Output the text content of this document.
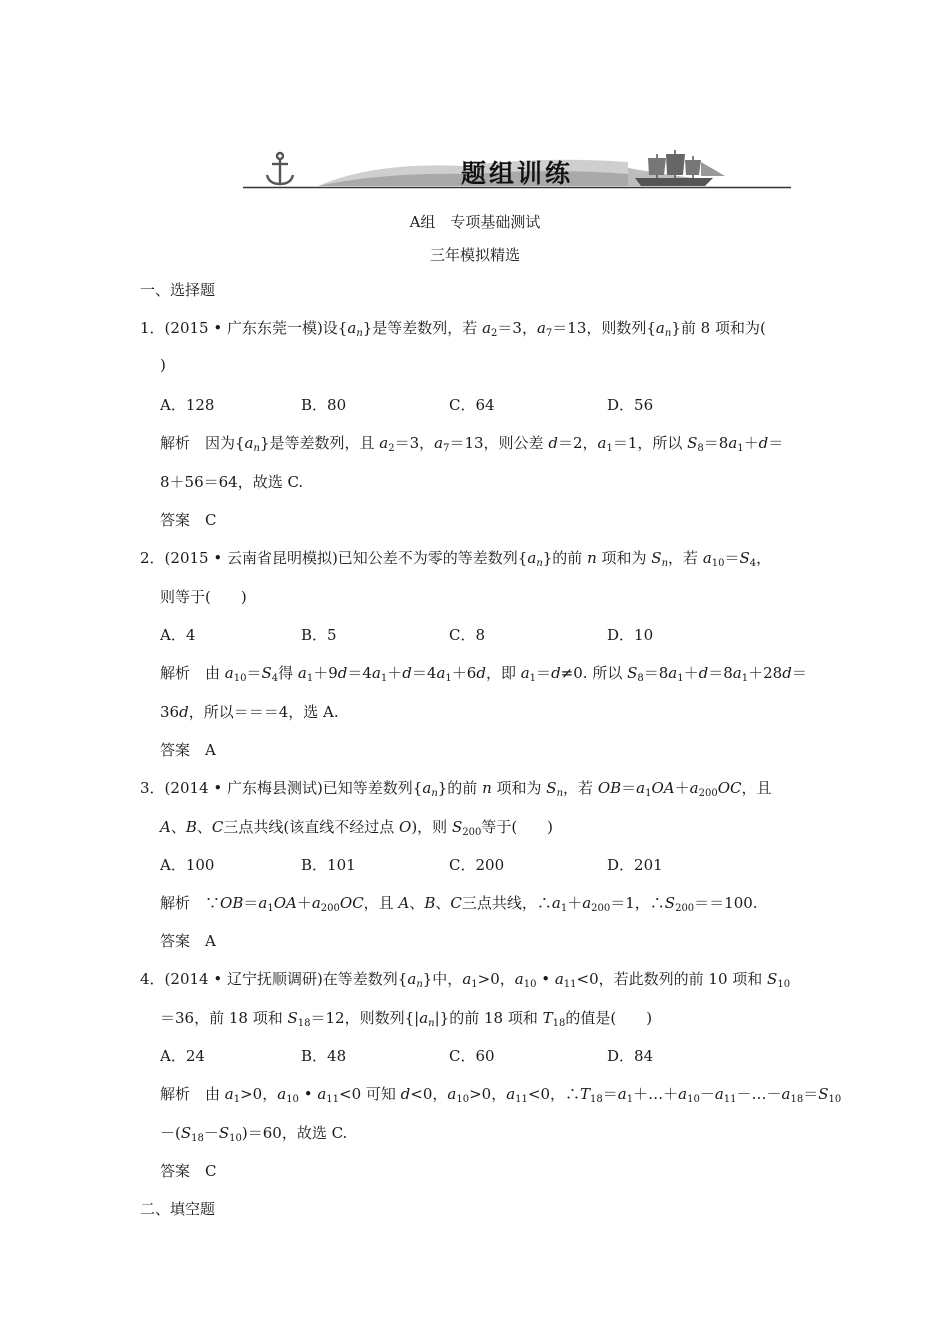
题组训练
A组　专项基础测试
三年模拟精选
一、选择题
1．(2015 • 广东东莞一模)设$\{a_n\}$是等差数列，若 $a_2=3$，$a_7=13$，则数列$\{a_n\}$前 8 项和为(
)
A．128	B．80	C．64	D．56
解析　因为$\{a_n\}$是等差数列，且 $a_2=3$，$a_7=13$，则公差 d＝2，$a_1=1$，所以 $S_8=8a_1+d=$
8＋56＝64，故选 C.
答案　C
2．(2015 • 云南省昆明模拟)已知公差不为零的等差数列$\{a_n\}$的前 n 项和为 $S_n$，若 $a_{10}=S_4$，
则等于(　　)
A．4	B．5	C．8	D．10
解析　由 $a_{10}=S_4$得 $a_1+9d=4a_1+d=4a_1+6d$，即 $a_1=d\ne 0$. 所以 $S_8=8a_1+d=8a_1+28d=$
36d，所以＝＝＝4，选 A.
答案　A
3．(2014 • 广东梅县测试)已知等差数列$\{a_n\}$的前 n 项和为 $S_n$，若 $OB=a_1OA+a_{200}OC$，且
A、B、C三点共线(该直线不经过点 O)，则 $S_{200}$等于(　　)
A．100	B．101	C．200	D．201
解析　$\because OB=a_1OA+a_{200}OC$，且 A、B、C三点共线，$\therefore a_1+a_{200}=1$，$\therefore S_{200}==100$.
答案　A
4．(2014 • 辽宁抚顺调研)在等差数列$\{a_n\}$中，$a_1>0$，$a_{10}$ • $a_{11}<0$，若此数列的前 10 项和 $S_{10}$
＝36，前 18 项和 $S_{18}=12$，则数列$\{|a_n|\}$的前 18 项和 $T_{18}$的值是(　　)
A．24	B．48	C．60	D．84
解析　由 $a_1>0$，$a_{10}$ • $a_{11}<0$ 可知 d<0，$a_{10}>0$，$a_{11}<0$，$\therefore T_{18}=a_1+\dots+a_{10}-a_{11}-\dots-a_{18}=S_{10}$
$-(S_{18}-S_{10})=60$，故选 C.
答案　C
二、填空题
